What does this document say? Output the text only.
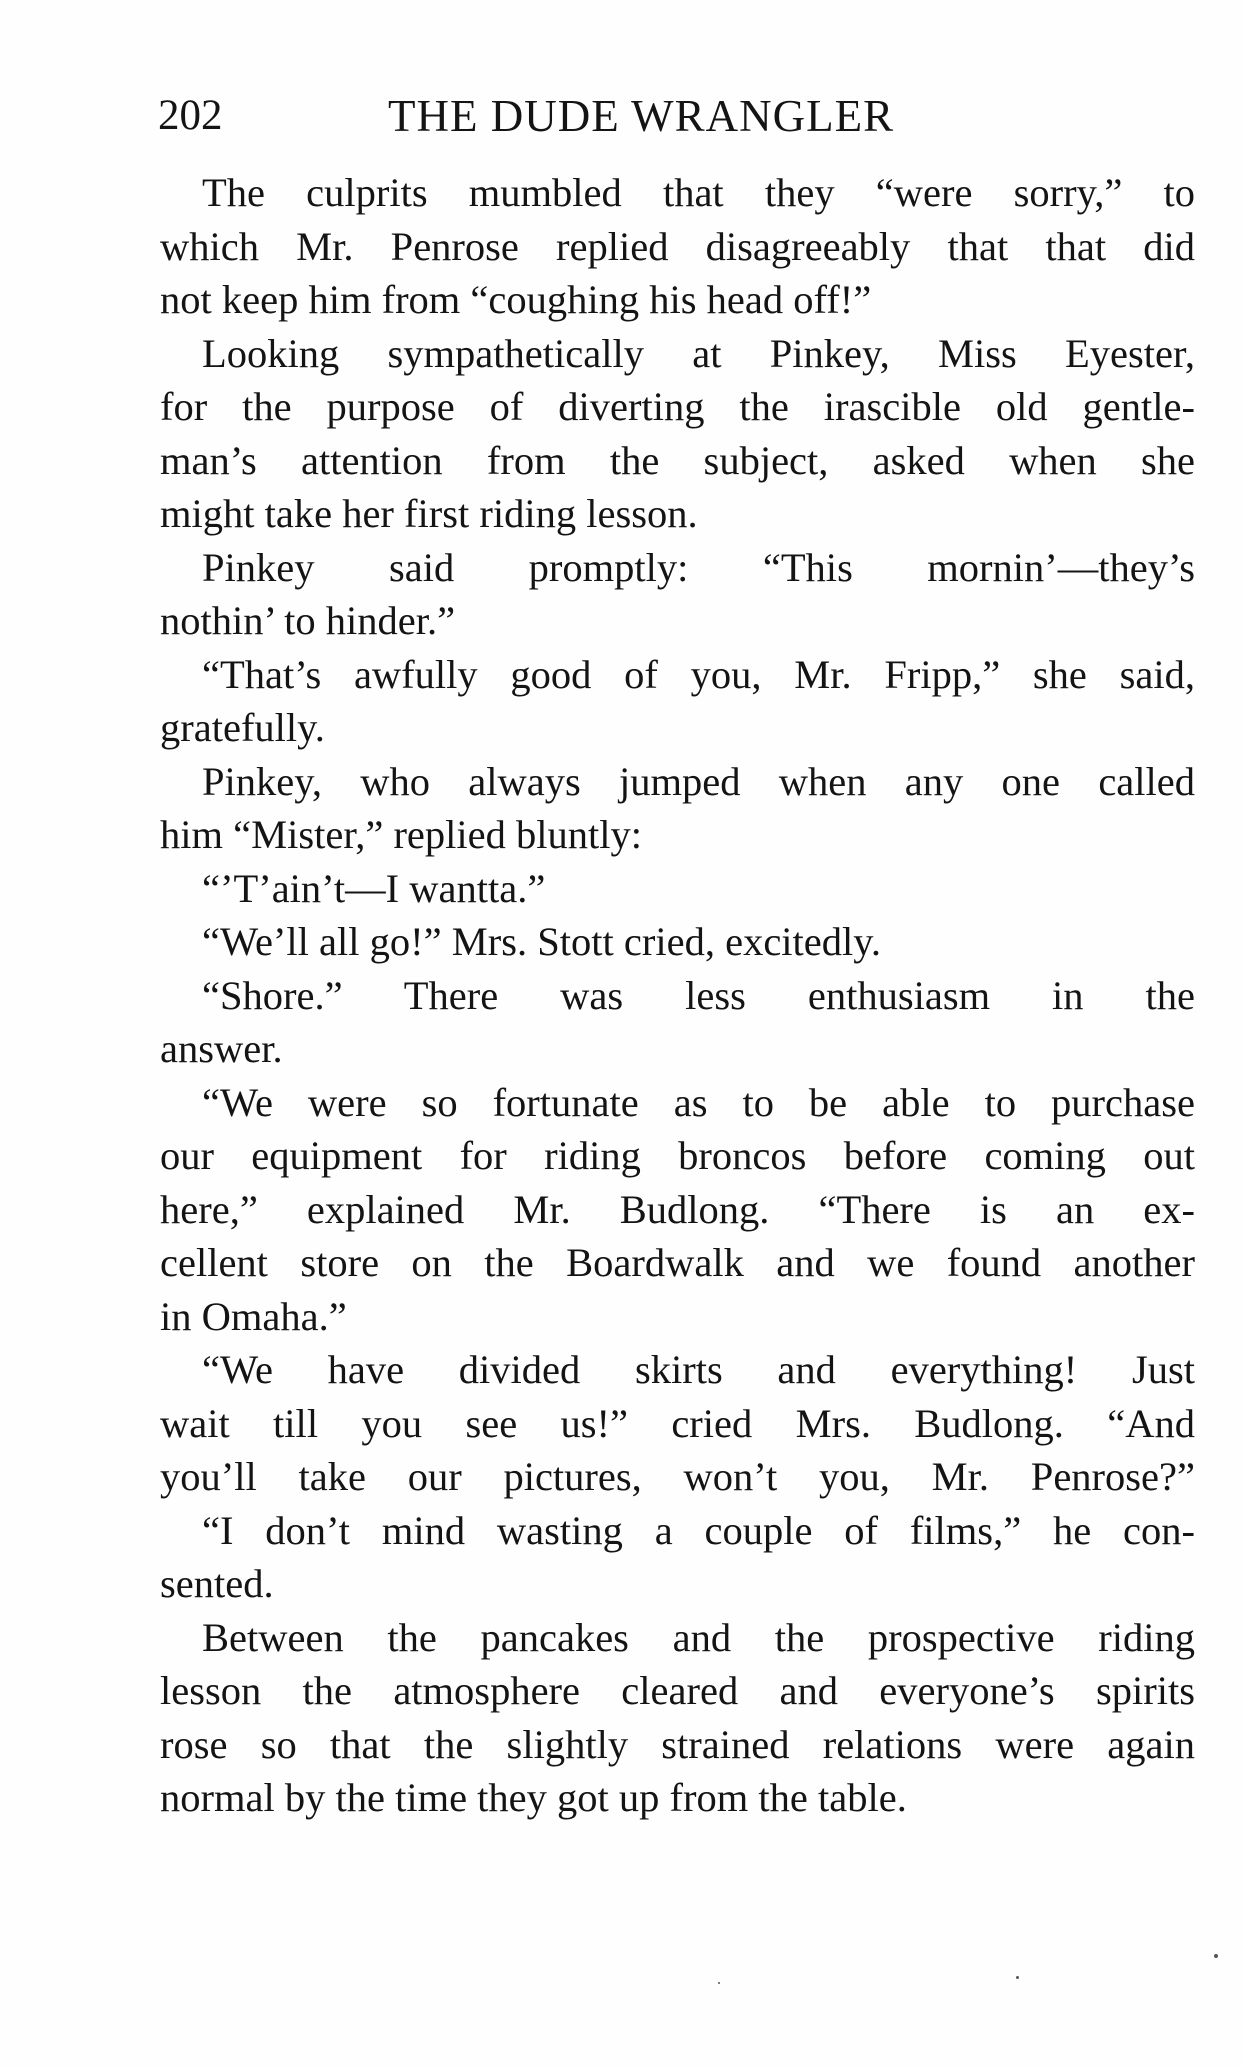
202	THE DUDE WRANGLER
The culprits mumbled that they “were sorry,” to
which Mr. Penrose replied disagreeably that that did
not keep him from “coughing his head off!”
Looking sympathetically at Pinkey, Miss Eyester,
for the purpose of diverting the irascible old gentle-
man’s attention from the subject, asked when she
might take her first riding lesson.
Pinkey said promptly: “This mornin’—they’s
nothin’ to hinder.”
“That’s awfully good of you, Mr. Fripp,” she said,
gratefully.
Pinkey, who always jumped when any one called
him “Mister,” replied bluntly:
“’T’ain’t—I wantta.”
“We’ll all go!” Mrs. Stott cried, excitedly.
“Shore.” There was less enthusiasm in the
answer.
“We were so fortunate as to be able to purchase
our equipment for riding broncos before coming out
here,” explained Mr. Budlong. “There is an ex-
cellent store on the Boardwalk and we found another
in Omaha.”
“We have divided skirts and everything! Just
wait till you see us!” cried Mrs. Budlong. “And
you’ll take our pictures, won’t you, Mr. Penrose?”
“I don’t mind wasting a couple of films,” he con-
sented.
Between the pancakes and the prospective riding
lesson the atmosphere cleared and everyone’s spirits
rose so that the slightly strained relations were again
normal by the time they got up from the table.
